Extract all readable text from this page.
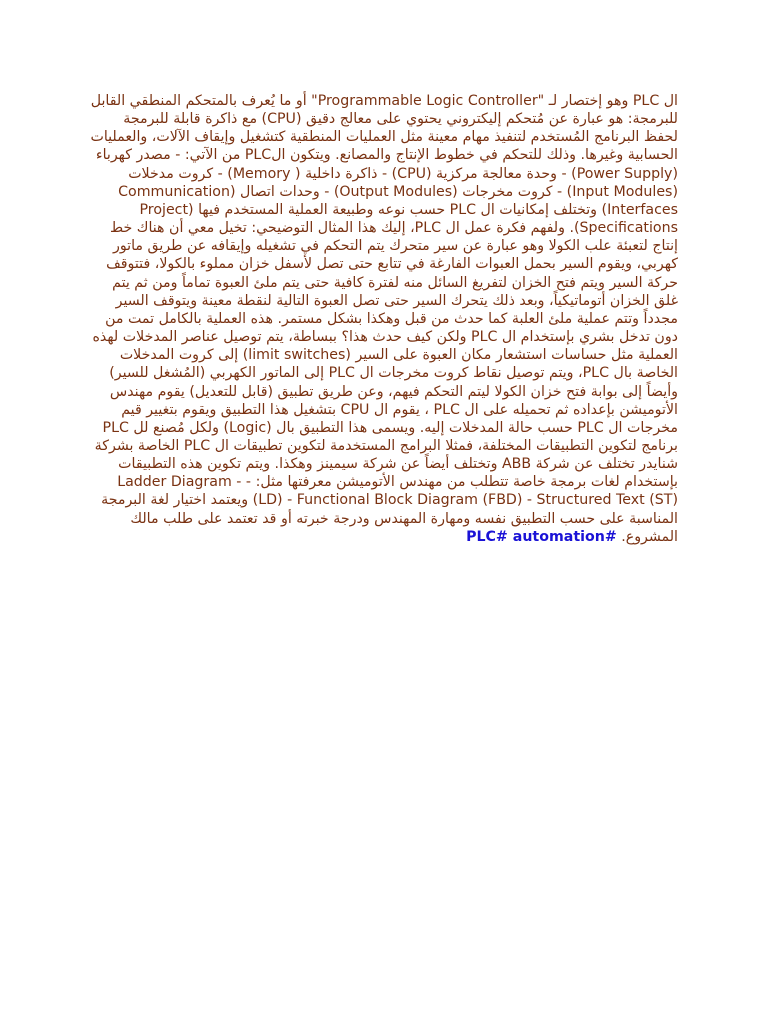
ال PLC وهو إختصار لـ "Programmable Logic Controller" أو ما يُعرف بالمتحكم المنطقي القابل للبرمجة: هو عبارة عن مُتحكم إليكتروني يحتوي على معالج دقيق (CPU) مع ذاكرة قابلة للبرمجة لحفظ البرنامج المُستخدم لتنفيذ مهام معينة مثل العمليات المنطقية كتشغيل وإيقاف الآلات، والعمليات الحسابية وغيرها. وذلك للتحكم في خطوط الإنتاج والمصانع. ويتكون الPLC من الآتي: - مصدر كهرباء (Power Supply) - وحدة معالجة مركزية (CPU) - ذاكرة داخلية ( Memory) - كروت مدخلات (Input Modules) - كروت مخرجات (Output Modules) - وحدات اتصال (Communication Interfaces) وتختلف إمكانيات ال PLC حسب نوعه وطبيعة العملية المستخدم فيها (Project Specifications). ولفهم فكرة عمل ال PLC، إليك هذا المثال التوضيحي: تخيل معي أن هناك خط إنتاج لتعبئة علب الكولا وهو عبارة عن سير متحرك يتم التحكم في تشغيله وإيقافه عن طريق ماتور كهربي، ويقوم السير بحمل العبوات الفارغة في تتابع حتى تصل لأسفل خزان مملوء بالكولا، فتتوقف حركة السير ويتم فتح الخزان لتفريغ السائل منه لفترة كافية حتى يتم ملئ العبوة تماماً ومن ثم يتم غلق الخزان أتوماتيكياً، وبعد ذلك يتحرك السير حتى تصل العبوة التالية لنقطة معينة ويتوقف السير مجدداً وتتم عملية ملئ العلبة كما حدث من قبل وهكذا بشكل مستمر. هذه العملية بالكامل تمت من دون تدخل بشري بإستخدام ال PLC ولكن كيف حدث هذا؟ ببساطة، يتم توصيل عناصر المدخلات لهذه العملية مثل حساسات استشعار مكان العبوة على السير (limit switches) إلى كروت المدخلات الخاصة بال PLC، ويتم توصيل نقاط كروت مخرجات ال PLC إلى الماتور الكهربي (المُشغل للسير) وأيضاً إلى بوابة فتح خزان الكولا ليتم التحكم فيهم، وعن طريق تطبيق (قابل للتعديل) يقوم مهندس الأتوميشن بإعداده ثم تحميله على ال PLC ، يقوم ال CPU بتشغيل هذا التطبيق ويقوم بتغيير قيم مخرجات ال PLC حسب حالة المدخلات إليه. ويسمى هذا التطبيق بال (Logic) ولكل مُصنع لل PLC برنامج لتكوين التطبيقات المختلفة، فمثلا البرامج المستخدمة لتكوين تطبيقات ال PLC الخاصة بشركة شنايدر تختلف عن شركة ABB وتختلف أيضاً عن شركة سيمينز وهكذا. ويتم تكوين هذه التطبيقات بإستخدام لغات برمجة خاصة تتطلب من مهندس الأتوميشن معرفتها مثل: - - Ladder Diagram (LD) - Functional Block Diagram (FBD) - Structured Text (ST) ويعتمد اختيار لغة البرمجة المناسبة على حسب التطبيق نفسه ومهارة المهندس ودرجة خبرته أو قد تعتمد على طلب مالك المشروع. #PLC# automation
